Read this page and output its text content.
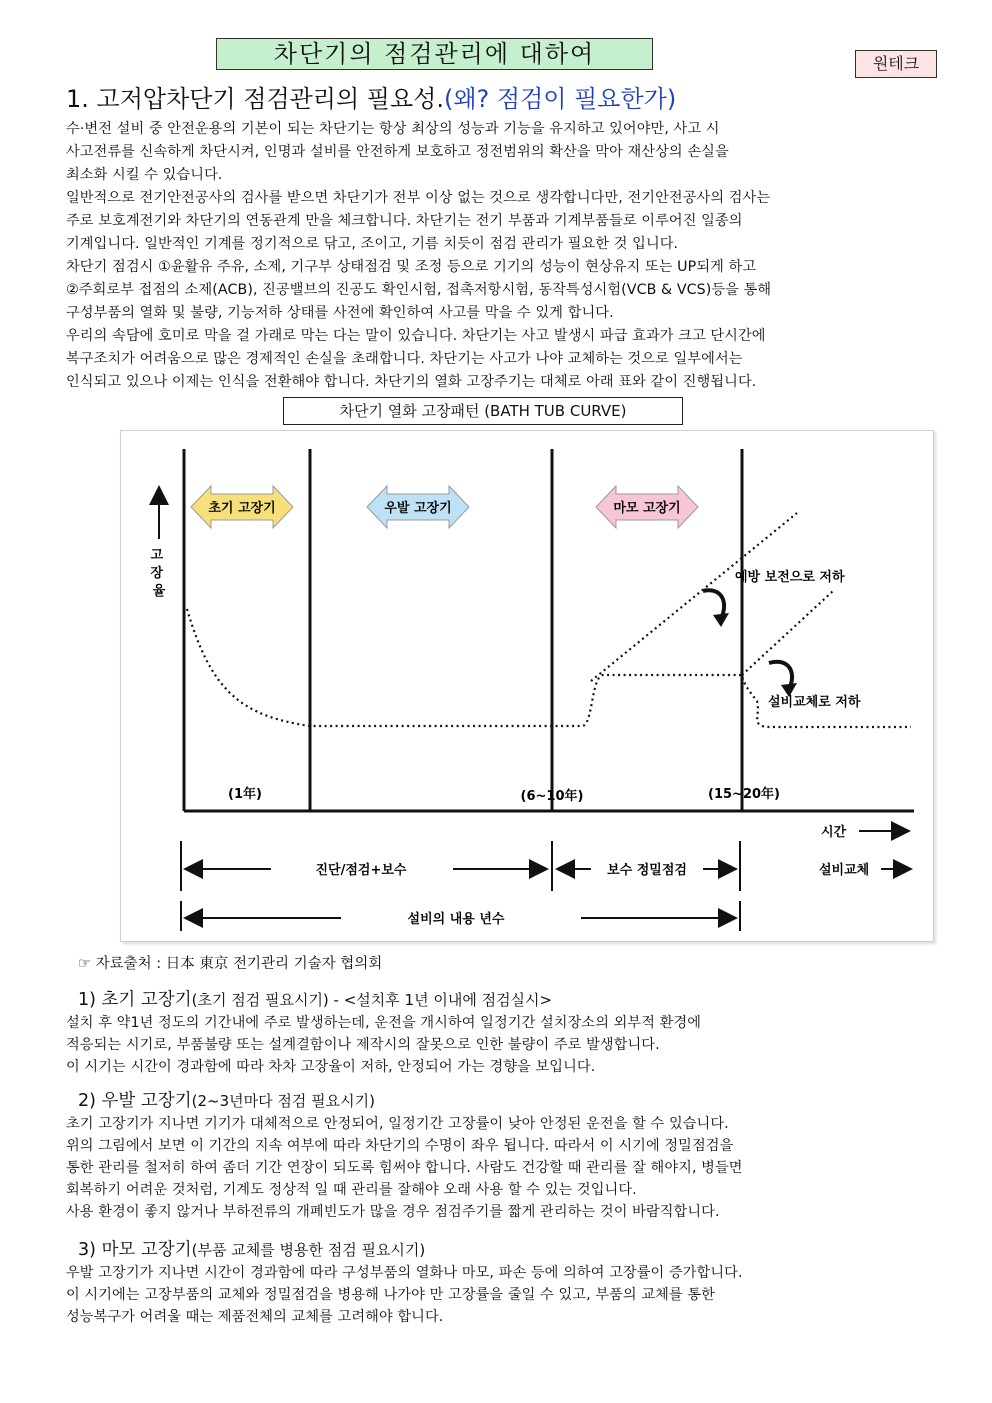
차단기의 점검관리에 대하여	원테크
1. 고저압차단기 점검관리의 필요성.(왜? 점검이 필요한가)
수·변전 설비 중 안전운용의 기본이 되는 차단기는 항상 최상의 성능과 기능을 유지하고 있어야만, 사고 시
사고전류를 신속하게 차단시켜, 인명과 설비를 안전하게 보호하고 정전범위의 확산을 막아 재산상의 손실을
최소화 시킬 수 있습니다.
일반적으로 전기안전공사의 검사를 받으면 차단기가 전부 이상 없는 것으로 생각합니다만, 전기안전공사의 검사는
주로 보호계전기와 차단기의 연동관계 만을 체크합니다. 차단기는 전기 부품과 기계부품들로 이루어진 일종의
기계입니다. 일반적인 기계를 정기적으로 닦고, 조이고, 기름 치듯이 점검 관리가 필요한 것 입니다.
차단기 점검시 ①윤활유 주유, 소제, 기구부 상태점검 및 조정 등으로 기기의 성능이 현상유지 또는 UP되게 하고
②주회로부 접점의 소제(ACB), 진공밸브의 진공도 확인시험, 접촉저항시험, 동작특성시험(VCB & VCS)등을 통해
구성부품의 열화 및 불량, 기능저하 상태를 사전에 확인하여 사고를 막을 수 있게 합니다.
우리의 속담에 호미로 막을 걸 가래로 막는 다는 말이 있습니다. 차단기는 사고 발생시 파급 효과가 크고 단시간에
복구조치가 어려움으로 많은 경제적인 손실을 초래합니다. 차단기는 사고가 나야 교체하는 것으로 일부에서는
인식되고 있으나 이제는 인식을 전환해야 합니다. 차단기의 열화 고장주기는 대체로 아래 표와 같이 진행됩니다.
차단기 열화 고장패턴 (BATH TUB CURVE)
고 장 율
초기 고장기	우발 고장기	마모 고장기
예방 보전으로 저하
설비교체로 저하
(1年)	(6~10年)	(15~20年)
시간
진단/점검+보수	보수 정밀점검	설비교체
설비의 내용 년수
☞ 자료출처 : 日本 東京 전기관리 기술자 협의회
1) 초기 고장기(초기 점검 필요시기) - <설치후 1년 이내에 점검실시>
설치 후 약1년 정도의 기간내에 주로 발생하는데, 운전을 개시하여 일정기간 설치장소의 외부적 환경에
적응되는 시기로, 부품불량 또는 설계결함이나 제작시의 잘못으로 인한 불량이 주로 발생합니다.
이 시기는 시간이 경과함에 따라 차차 고장율이 저하, 안정되어 가는 경향을 보입니다.
2) 우발 고장기(2~3년마다 점검 필요시기)
초기 고장기가 지나면 기기가 대체적으로 안정되어, 일정기간 고장률이 낮아 안정된 운전을 할 수 있습니다.
위의 그림에서 보면 이 기간의 지속 여부에 따라 차단기의 수명이 좌우 됩니다. 따라서 이 시기에 정밀점검을
통한 관리를 철저히 하여 좀더 기간 연장이 되도록 힘써야 합니다. 사람도 건강할 때 관리를 잘 해야지, 병들면
회복하기 어려운 것처럼, 기계도 정상적 일 때 관리를 잘해야 오래 사용 할 수 있는 것입니다.
사용 환경이 좋지 않거나 부하전류의 개폐빈도가 많을 경우 점검주기를 짧게 관리하는 것이 바람직합니다.
3) 마모 고장기(부품 교체를 병용한 점검 필요시기)
우발 고장기가 지나면 시간이 경과함에 따라 구성부품의 열화나 마모, 파손 등에 의하여 고장률이 증가합니다.
이 시기에는 고장부품의 교체와 정밀점검을 병용해 나가야 만 고장률을 줄일 수 있고, 부품의 교체를 통한
성능복구가 어려울 때는 제품전체의 교체를 고려해야 합니다.
